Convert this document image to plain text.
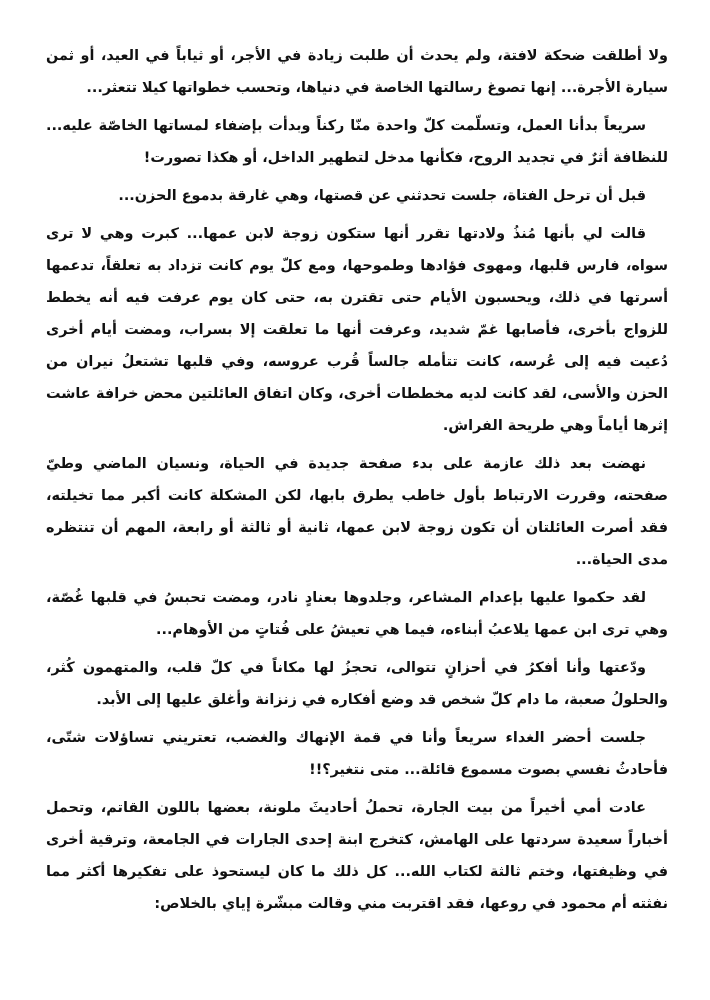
ولا أطلقت ضحكة لافتة، ولم يحدث أن طلبت زيادة في الأجر، أو ثياباً في العيد، أو ثمن سيارة الأجرة... إنها تصوغ رسالتها الخاصة في دنياها، وتحسب خطواتها كيلا تتعثر...

سريعاً بدأنا العمل، وتسلّمت كلّ واحدة منّا ركناً وبدأت بإضفاء لمساتها الخاصّة عليه... للنظافة أثرٌ في تجديد الروح، فكأنها مدخل لتطهير الداخل، أو هكذا تصورت!

قبل أن ترحل الفتاة، جلست تحدثني عن قصتها، وهي غارقة بدموع الحزن...

قالت لي بأنها مُنذُ ولادتها تقرر أنها ستكون زوجة لابن عمها... كبرت وهي لا ترى سواه، فارس قلبها، ومهوى فؤادها وطموحها، ومع كلّ يوم كانت تزداد به تعلقاً، تدعمها أسرتها في ذلك، ويحسبون الأيام حتى تقترن به، حتى كان يوم عرفت فيه أنه يخطط للزواج بأخرى، فأصابها غمّ شديد، وعرفت أنها ما تعلقت إلا بسراب، ومضت أيام أخرى دُعيت فيه إلى عُرسه، كانت تتأمله جالساً قُرب عروسه، وفي قلبها تشتعلُ نيران من الحزن والأسى، لقد كانت لديه مخططات أخرى، وكان اتفاق العائلتين محض خرافة عاشت إثرها أياماً وهي طريحة الفراش.

نهضت بعد ذلك عازمة على بدء صفحة جديدة في الحياة، ونسيان الماضي وطيّ صفحته، وقررت الارتباط بأول خاطب يطرق بابها، لكن المشكلة كانت أكبر مما تخيلته، فقد أصرت العائلتان أن تكون زوجة لابن عمها، ثانية أو ثالثة أو رابعة، المهم أن تنتظره مدى الحياة...

لقد حكموا عليها بإعدام المشاعر، وجلدوها بعنادٍ نادر، ومضت تحبسُ في قلبها غُصّة، وهي ترى ابن عمها يلاعبُ أبناءه، فيما هي تعيشُ على فُتاتٍ من الأوهام...

ودّعتها وأنا أفكرُ في أحزانٍ تتوالى، تحجزُ لها مكاناً في كلّ قلب، والمتهمون كُثر، والحلولُ صعبة، ما دام كلّ شخص قد وضع أفكاره في زنزانة وأغلق عليها إلى الأبد.

جلست أحضر الغداء سريعاً وأنا في قمة الإنهاك والغضب، تعتريني تساؤلات شتّى، فأحادثُ نفسي بصوت مسموع قائلة... متى نتغير؟!!

عادت أمي أخيراً من بيت الجارة، تحملُ أحاديثَ ملونة، بعضها باللون القاتم، وتحمل أخباراً سعيدة سردتها على الهامش، كتخرج ابنة إحدى الجارات في الجامعة، وترقية أخرى في وظيفتها، وختم ثالثة لكتاب الله... كل ذلك ما كان ليستحوذ على تفكيرها أكثر مما نفثته أم محمود في روعها، فقد اقتربت مني وقالت مبشّرة إياي بالخلاص:
